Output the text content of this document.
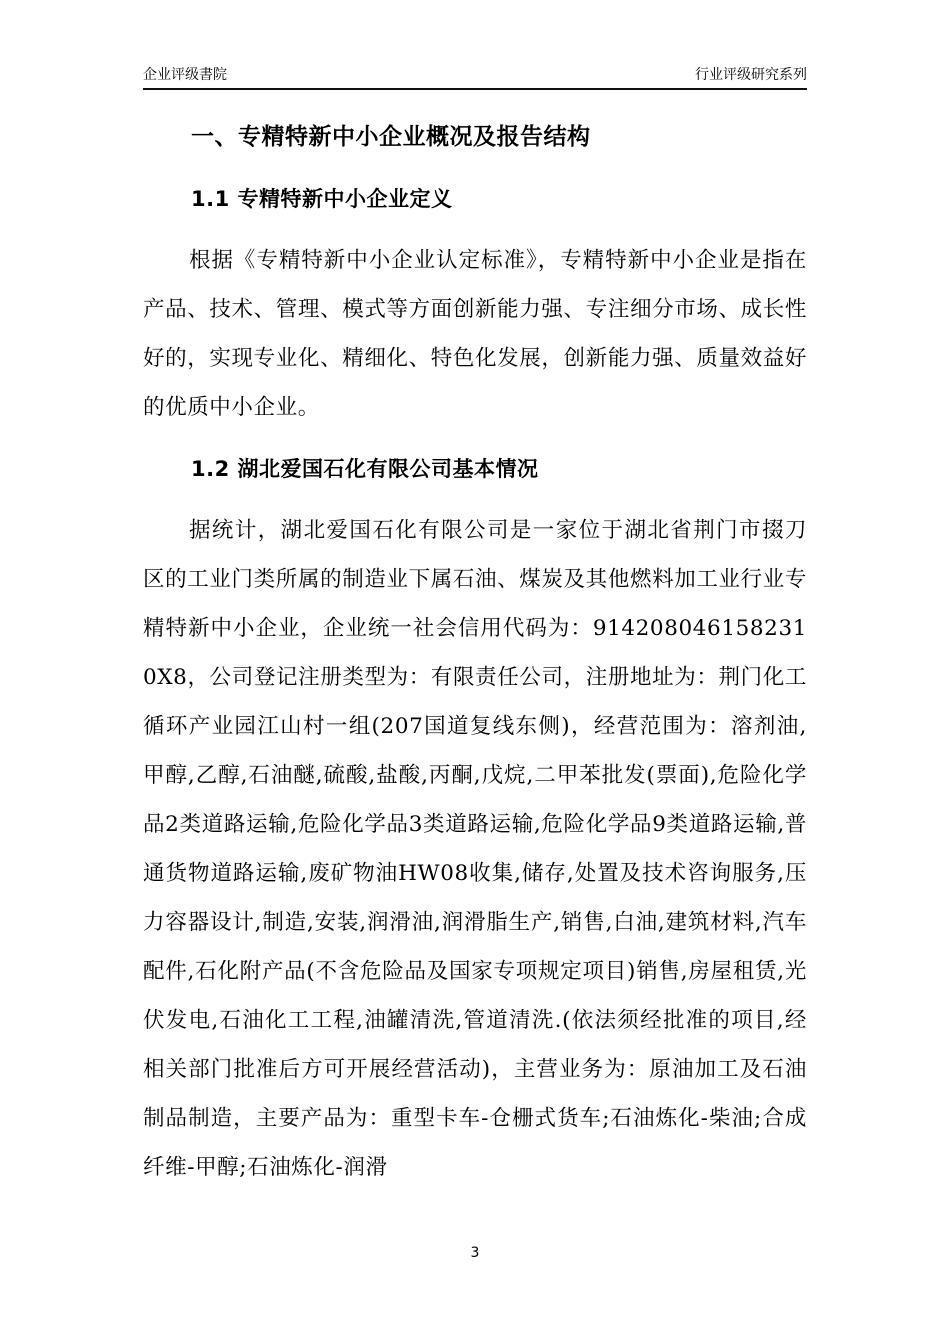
企业评级書院	行业评级研究系列
一、专精特新中小企业概况及报告结构
1.1 专精特新中小企业定义

根据《专精特新中小企业认定标准》，专精特新中小企业是指在产品、技术、管理、模式等方面创新能力强、专注细分市场、成长性好的，实现专业化、精细化、特色化发展，创新能力强、质量效益好的优质中小企业。

1.2 湖北爱国石化有限公司基本情况

据统计，湖北爱国石化有限公司是一家位于湖北省荆门市掇刀区的工业门类所属的制造业下属石油、煤炭及其他燃料加工业行业专精特新中小企业，企业统一社会信用代码为：914208046158231​0X8，公司登记注册类型为：有限责任公司，注册地址为：荆门化工循环产业园江山村一组(207国道复线东侧)，经营范围为：溶剂油,甲醇,乙醇,石油醚,硫酸,盐酸,丙酮,戊烷,二甲苯批发(票面),危险化学品2类道路运输,危险化学品3类道路运输,危险化学品9类道路运输,普通货物道路运输,废矿物油HW08收集,储存,处置及技术咨询服务,压力容器设计,制造,安装,润滑油,润滑脂生产,销售,白油,建筑材料,汽车配件,石化附产品(不含危险品及国家专项规定项目)销售,房屋租赁,光伏发电,石油化工工程,油罐清洗,管道清洗.(依法须经批准的项目,经相关部门批准后方可开展经营活动)，主营业务为：原油加工及石油制品制造，主要产品为：重型卡车-仓栅式货车;石油炼化-柴油;合成纤维-甲醇;石油炼化-润滑

3
